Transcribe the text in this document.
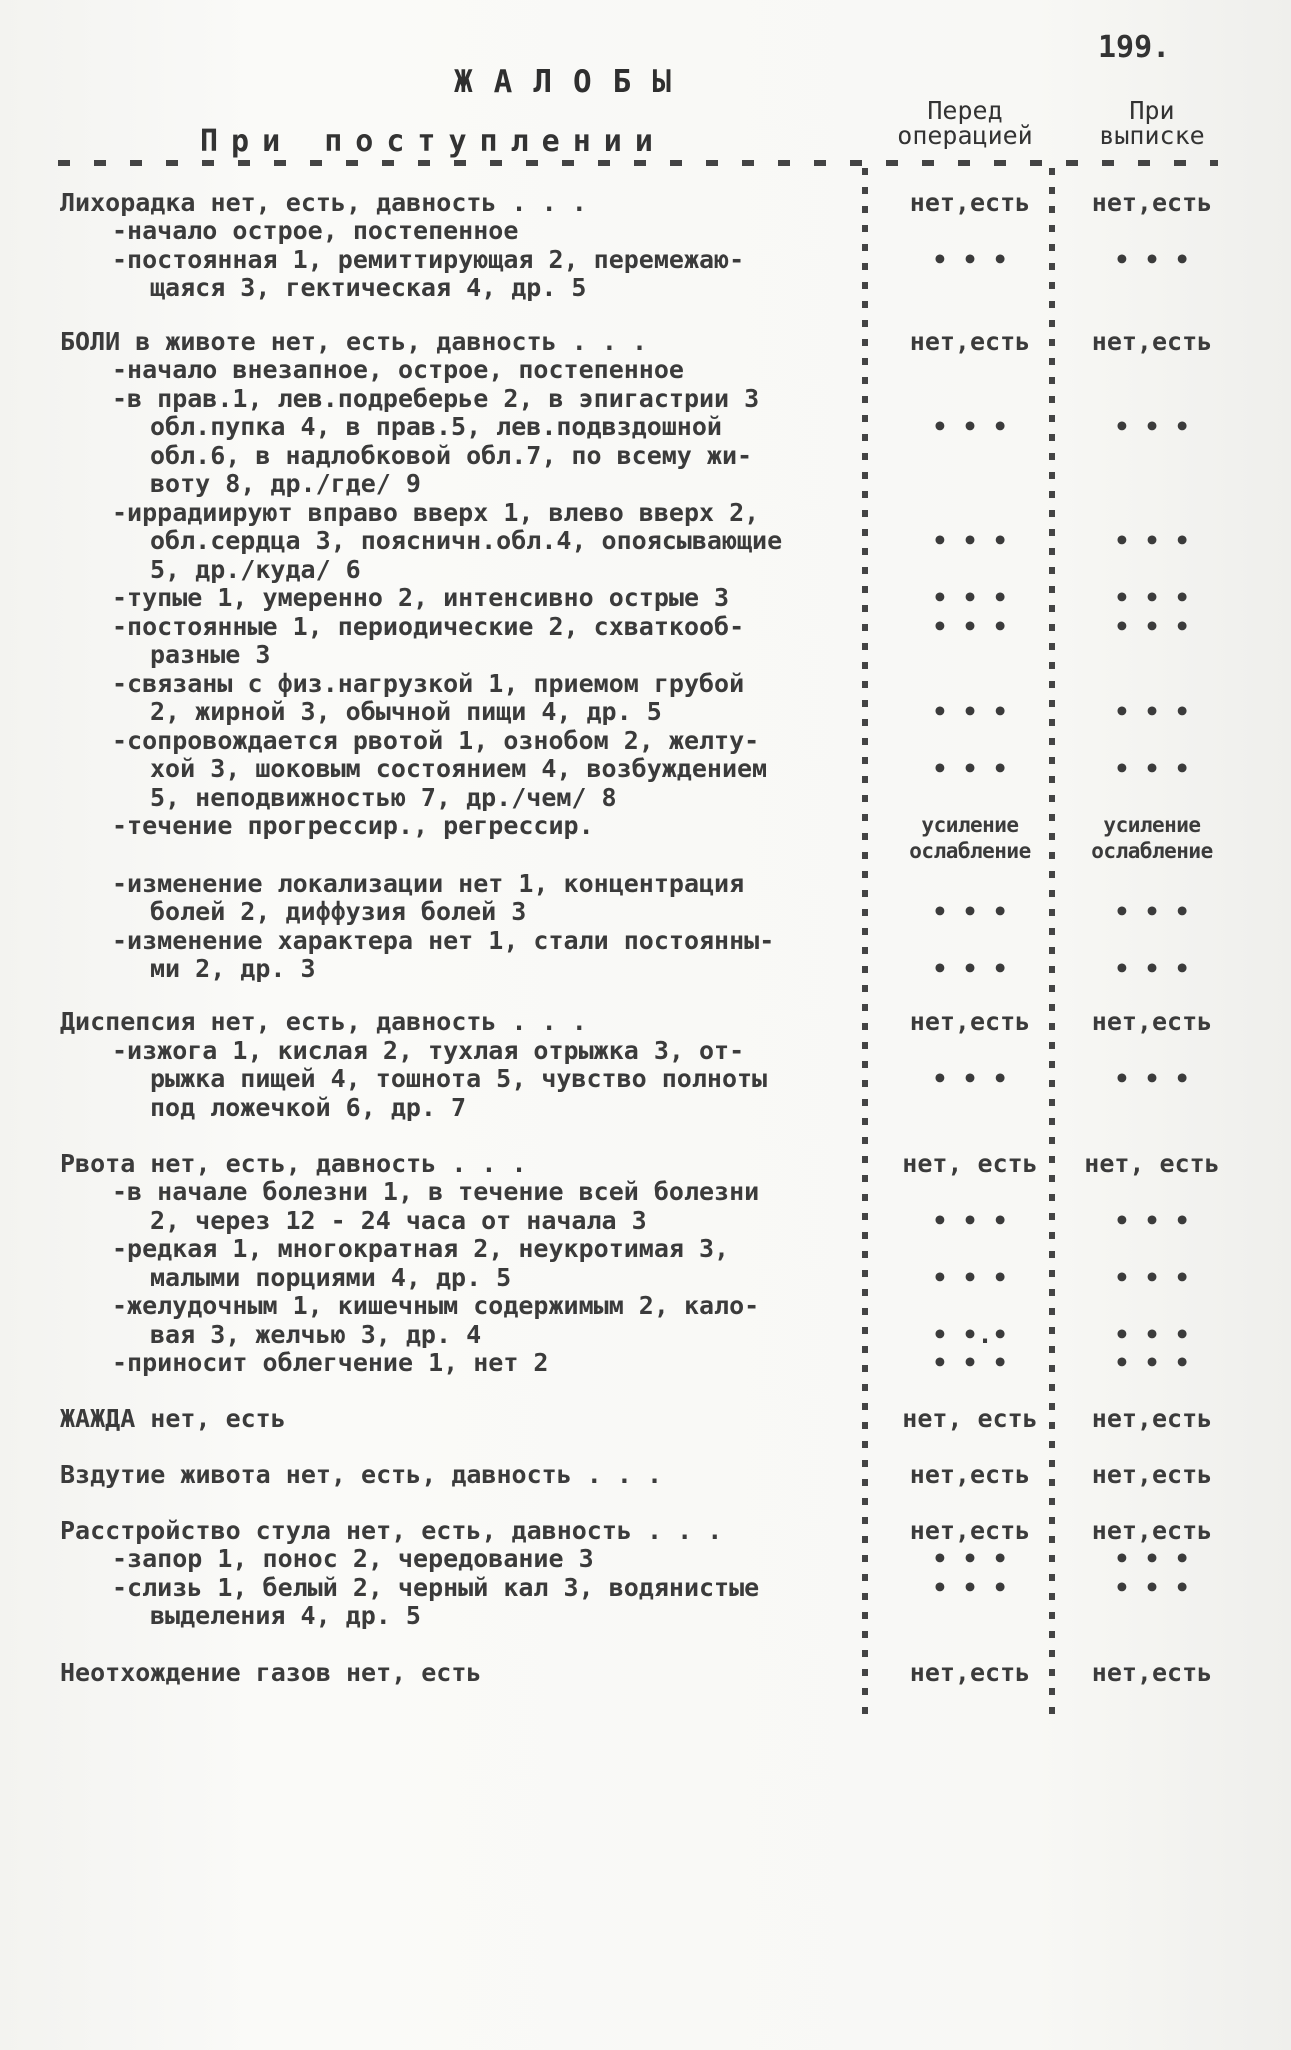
199.
ЖАЛОБЫ
При поступлении
Перед операцией
При выписке
Лихорадка нет, есть, давность . . .	нет,есть	нет,есть
-начало острое, постепенное
-постоянная 1, ремиттирующая 2, перемежаю-	• • •	• • •
щаяся 3, гектическая 4, др. 5
БОЛИ в животе нет, есть, давность . . .	нет,есть	нет,есть
-начало внезапное, острое, постепенное
-в прав.1, лев.подреберье 2, в эпигастрии 3
обл.пупка 4, в прав.5, лев.подвздошной	• • •	• • •
обл.6, в надлобковой обл.7, по всему жи-
воту 8, др./где/ 9
-иррадиируют вправо вверх 1, влево вверх 2,
обл.сердца 3, поясничн.обл.4, опоясывающие	• • •	• • •
5, др./куда/ 6
-тупые 1, умеренно 2, интенсивно острые 3	• • •	• • •
-постоянные 1, периодические 2, схваткооб-	• • •	• • •
разные 3
-связаны с физ.нагрузкой 1, приемом грубой
2, жирной 3, обычной пищи 4, др. 5	• • •	• • •
-сопровождается рвотой 1, ознобом 2, желту-
хой 3, шоковым состоянием 4, возбуждением	• • •	• • •
5, неподвижностью 7, др./чем/ 8
-течение прогрессир., регрессир.	усиление	усиление
ослабление	ослабление
-изменение локализации нет 1, концентрация
болей 2, диффузия болей 3	• • •	• • •
-изменение характера нет 1, стали постоянны-
ми 2, др. 3	• • •	• • •
Диспепсия нет, есть, давность . . .	нет,есть	нет,есть
-изжога 1, кислая 2, тухлая отрыжка 3, от-
рыжка пищей 4, тошнота 5, чувство полноты	• • •	• • •
под ложечкой 6, др. 7
Рвота нет, есть, давность . . .	нет, есть	нет, есть
-в начале болезни 1, в течение всей болезни
2, через 12 - 24 часа от начала 3	• • •	• • •
-редкая 1, многократная 2, неукротимая 3,
малыми порциями 4, др. 5	• • •	• • •
-желудочным 1, кишечным содержимым 2, кало-
вая 3, желчью 3, др. 4	• •.•	• • •
-приносит облегчение 1, нет 2	• • •	• • •
ЖАЖДА нет, есть	нет, есть	нет,есть
Вздутие живота нет, есть, давность . . .	нет,есть	нет,есть
Расстройство стула нет, есть, давность . . .	нет,есть	нет,есть
-запор 1, понос 2, чередование 3	• • •	• • •
-слизь 1, белый 2, черный кал 3, водянистые	• • •	• • •
выделения 4, др. 5
Неотхождение газов нет, есть	нет,есть	нет,есть
